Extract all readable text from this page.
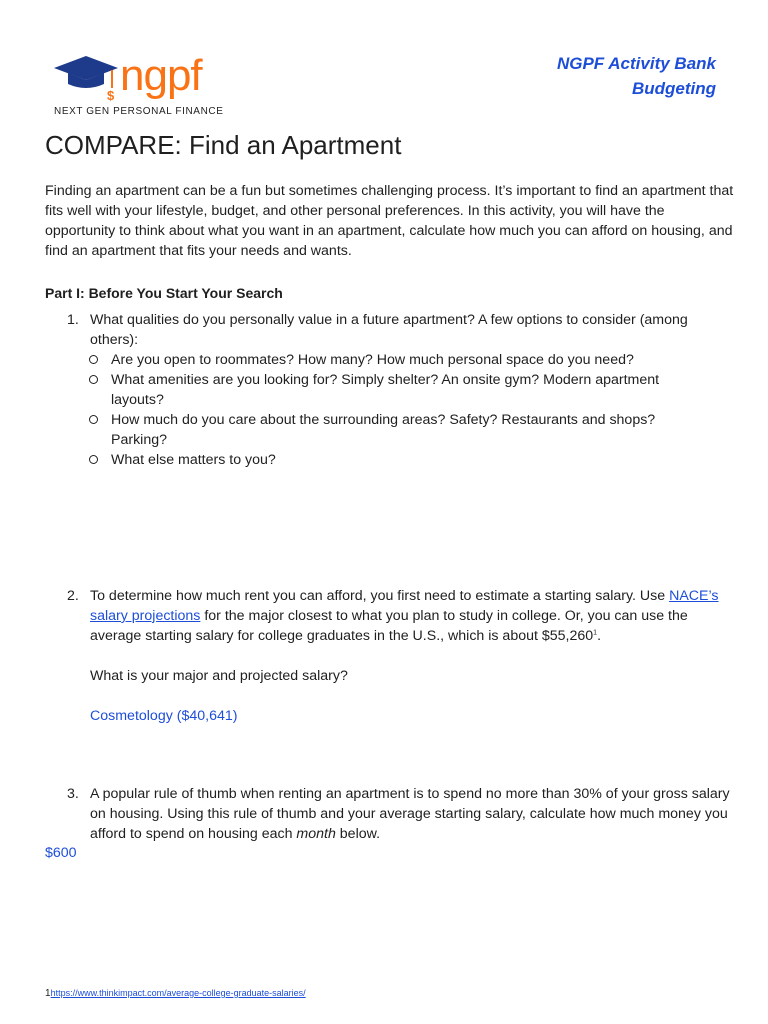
$ ngpf
NEXT GEN PERSONAL FINANCE
NGPF Activity Bank
Budgeting
COMPARE: Find an Apartment

Finding an apartment can be a fun but sometimes challenging process. It’s important to find an apartment that fits well with your lifestyle, budget, and other personal preferences. In this activity, you will have the opportunity to think about what you want in an apartment, calculate how much you can afford on housing, and find an apartment that fits your needs and wants.

Part I: Before You Start Your Search
1. What qualities do you personally value in a future apartment? A few options to consider (among others):
Are you open to roommates? How many? How much personal space do you need?
What amenities are you looking for? Simply shelter? An onsite gym? Modern apartment layouts?
How much do you care about the surrounding areas? Safety? Restaurants and shops? Parking?
What else matters to you?
2. To determine how much rent you can afford, you first need to estimate a starting salary. Use NACE’s salary projections for the major closest to what you plan to study in college. Or, you can use the average starting salary for college graduates in the U.S., which is about $55,260$^1$.
What is your major and projected salary?
Cosmetology ($40,641)
3. A popular rule of thumb when renting an apartment is to spend no more than 30% of your gross salary on housing. Using this rule of thumb and your average starting salary, calculate how much money you afford to spend on housing each month below.
$600
1https://www.thinkimpact.com/average-college-graduate-salaries/
